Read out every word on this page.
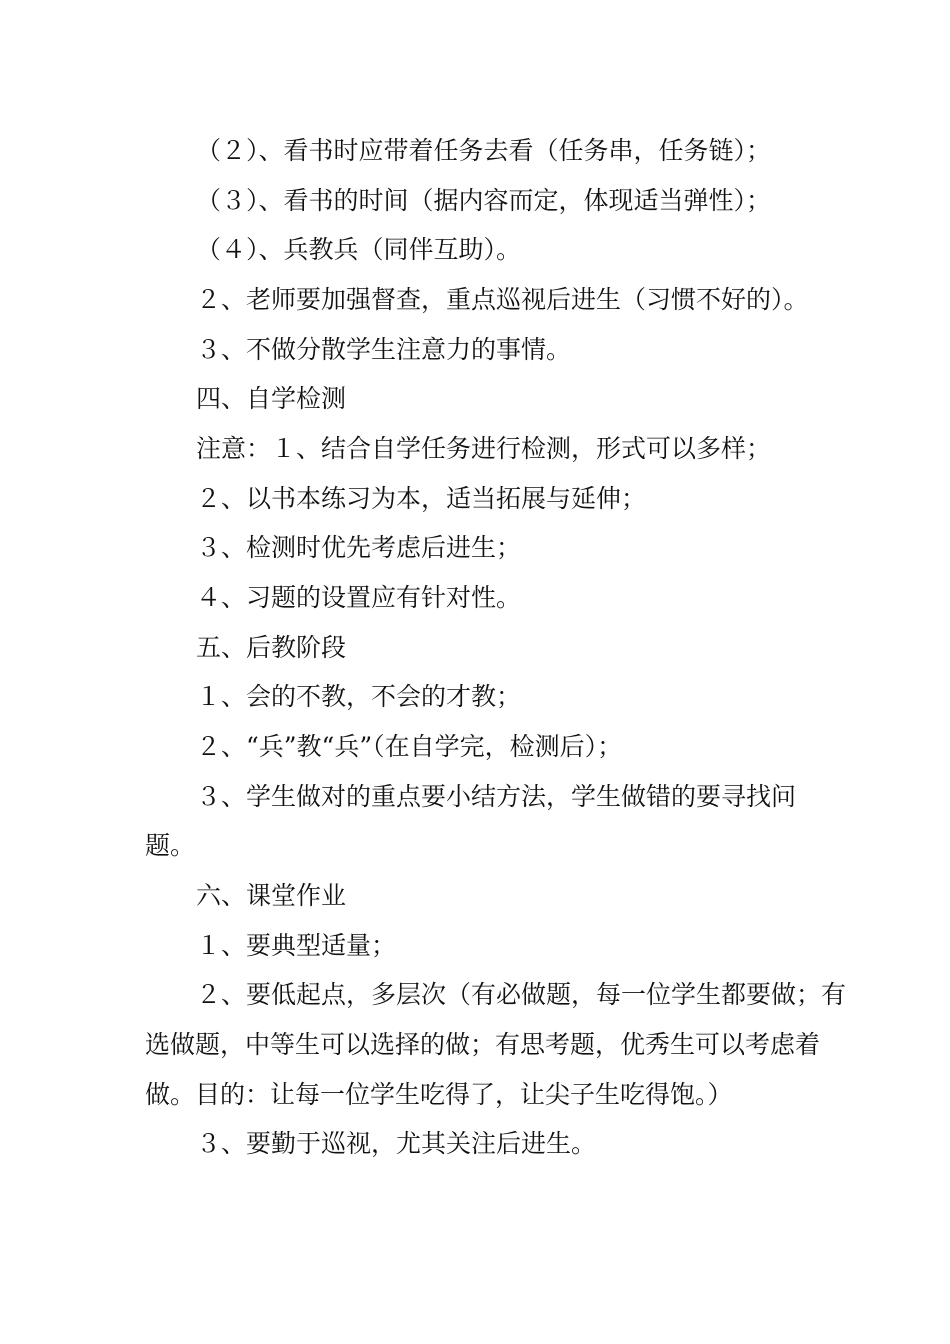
（２）、看书时应带着任务去看（任务串，任务链）；
（３）、看书的时间（据内容而定，体现适当弹性）；
（４）、兵教兵（同伴互助）。
２、老师要加强督查，重点巡视后进生（习惯不好的）。
３、不做分散学生注意力的事情。
四、自学检测
注意：１、结合自学任务进行检测，形式可以多样；
２、以书本练习为本，适当拓展与延伸；
３、检测时优先考虑后进生；
４、习题的设置应有针对性。
五、后教阶段
１、会的不教，不会的才教；
２、“兵”教“兵”（在自学完，检测后）；
３、学生做对的重点要小结方法，学生做错的要寻找问
题。
六、课堂作业
１、要典型适量；
２、要低起点，多层次（有必做题，每一位学生都要做；有
选做题，中等生可以选择的做；有思考题，优秀生可以考虑着
做。目的：让每一位学生吃得了，让尖子生吃得饱。）
３、要勤于巡视，尤其关注后进生。
